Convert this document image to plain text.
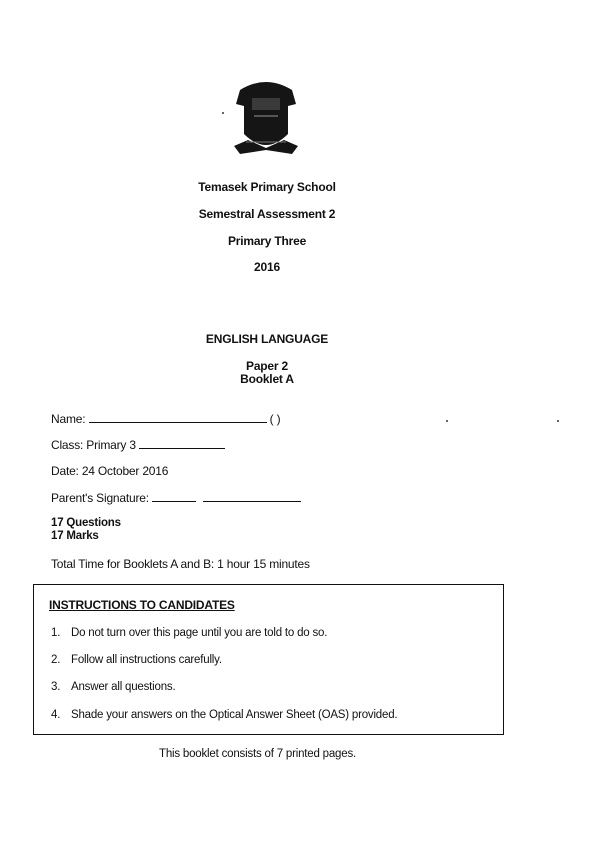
Temasek Primary School
Semestral Assessment 2
Primary Three
2016
ENGLISH LANGUAGE
Paper 2
Booklet A
Name:	( )
Class: Primary 3
Date: 24 October 2016
Parent's Signature:
17 Questions
17 Marks
Total Time for Booklets A and B: 1 hour 15 minutes
INSTRUCTIONS TO CANDIDATES
1. Do not turn over this page until you are told to do so.
2. Follow all instructions carefully.
3. Answer all questions.
4. Shade your answers on the Optical Answer Sheet (OAS) provided.
This booklet consists of 7 printed pages.
